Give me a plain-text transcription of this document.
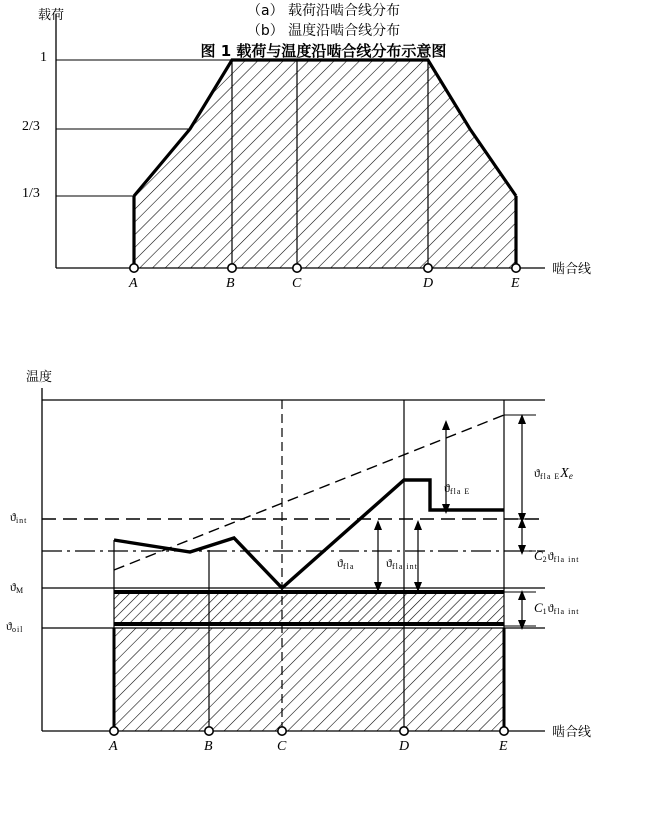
载荷
啮合线
1
2/3
1/3
A	B	C	D	E
（a） 载荷沿啮合线分布
温度
啮合线
A	B	C	D	E
$ϑ_{int}$
$ϑ_M$
$ϑ_{oil}$
$ϑ_{fla}$	$ϑ_{fla int}$
$ϑ_{fla E}$
$ϑ_{fla E}Xe$
$C_2ϑ_{fla int}$
$C_1ϑ_{fla int}$
（b） 温度沿啮合线分布
图 1 载荷与温度沿啮合线分布示意图
